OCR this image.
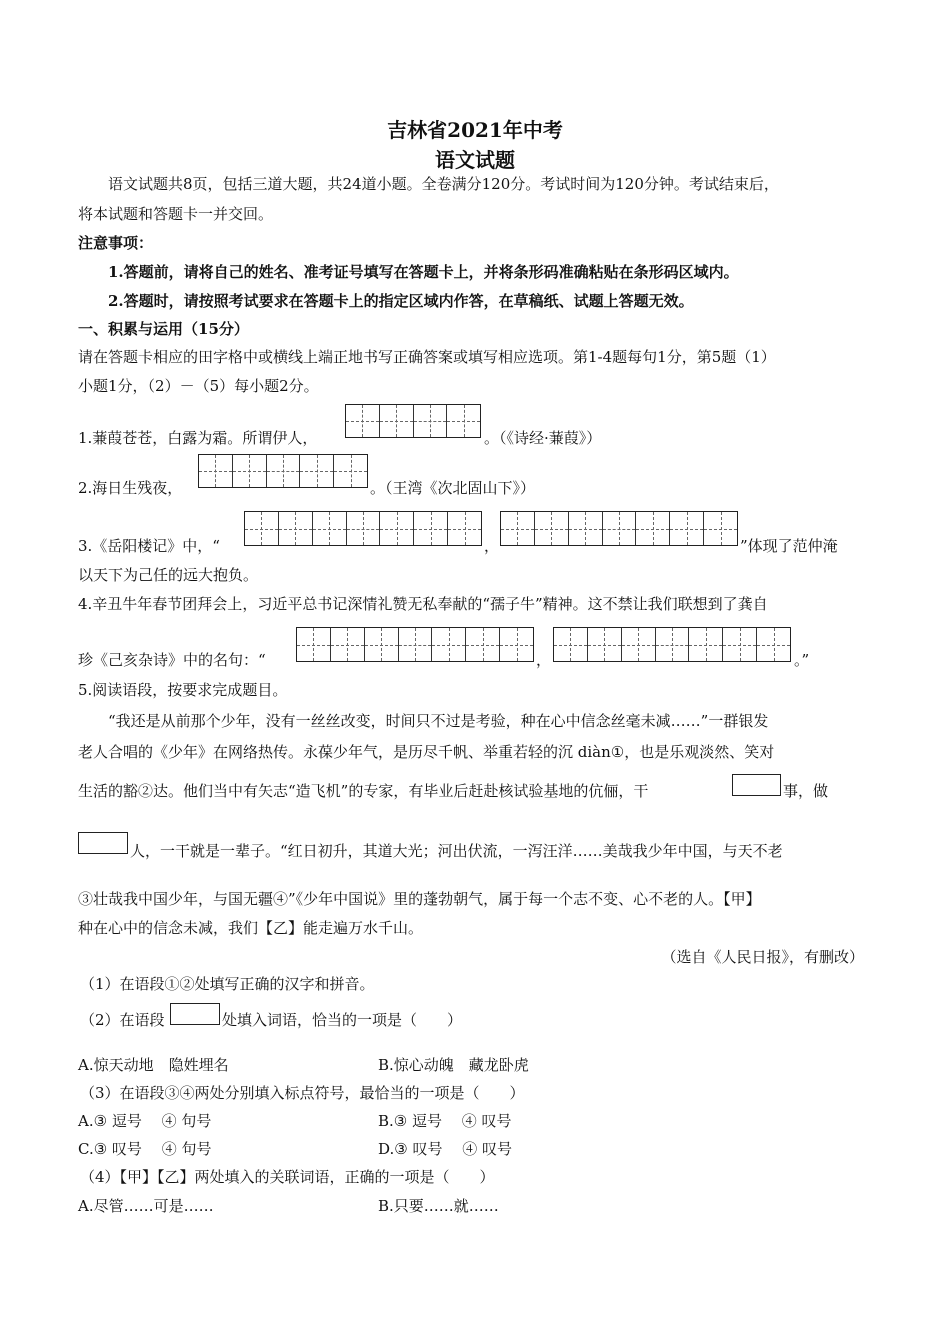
吉林省2021年中考
语文试题
语文试题共8页，包括三道大题，共24道小题。全卷满分120分。考试时间为120分钟。考试结束后，
将本试题和答题卡一并交回。
注意事项：
1.答题前，请将自己的姓名、准考证号填写在答题卡上，并将条形码准确粘贴在条形码区域内。
2.答题时，请按照考试要求在答题卡上的指定区域内作答，在草稿纸、试题上答题无效。
一、积累与运用（15分）
请在答题卡相应的田字格中或横线上端正地书写正确答案或填写相应选项。第1-4题每句1分，第5题（1）
小题1分，（2）－（5）每小题2分。
1.蒹葭苍苍，白露为霜。所谓伊人，	。（《诗经·蒹葭》）
2.海日生残夜，	。（王湾《次北固山下》）
3.《岳阳楼记》中，“	，	”体现了范仲淹
以天下为己任的远大抱负。
4.辛丑牛年春节团拜会上，习近平总书记深情礼赞无私奉献的“孺子牛”精神。这不禁让我们联想到了龚自
珍《己亥杂诗》中的名句：“	，	。”
5.阅读语段，按要求完成题目。
“我还是从前那个少年，没有一丝丝改变，时间只不过是考验，种在心中信念丝毫未减……”一群银发
老人合唱的《少年》在网络热传。永葆少年气，是历尽千帆、举重若轻的沉 diàn①，也是乐观淡然、笑对
生活的豁②达。他们当中有矢志“造飞机”的专家，有毕业后赶赴核试验基地的伉俪，干	事，做
人，一干就是一辈子。“红日初升，其道大光；河出伏流，一泻汪洋……美哉我少年中国，与天不老
③壮哉我中国少年，与国无疆④”《少年中国说》里的蓬勃朝气，属于每一个志不变、心不老的人。【甲】
种在心中的信念未减，我们【乙】能走遍万水千山。
（选自《人民日报》，有删改）
（1）在语段①②处填写正确的汉字和拼音。
（2）在语段	处填入词语，恰当的一项是（　　）
A.惊天动地　隐姓埋名	B.惊心动魄　藏龙卧虎
（3）在语段③④两处分别填入标点符号，最恰当的一项是（　　）
A.③ 逗号　 ④ 句号	B.③ 逗号　 ④ 叹号
C.③ 叹号　 ④ 句号	D.③ 叹号　 ④ 叹号
（4）【甲】【乙】两处填入的关联词语，正确的一项是（　　）
A.尽管……可是……	B.只要……就……
